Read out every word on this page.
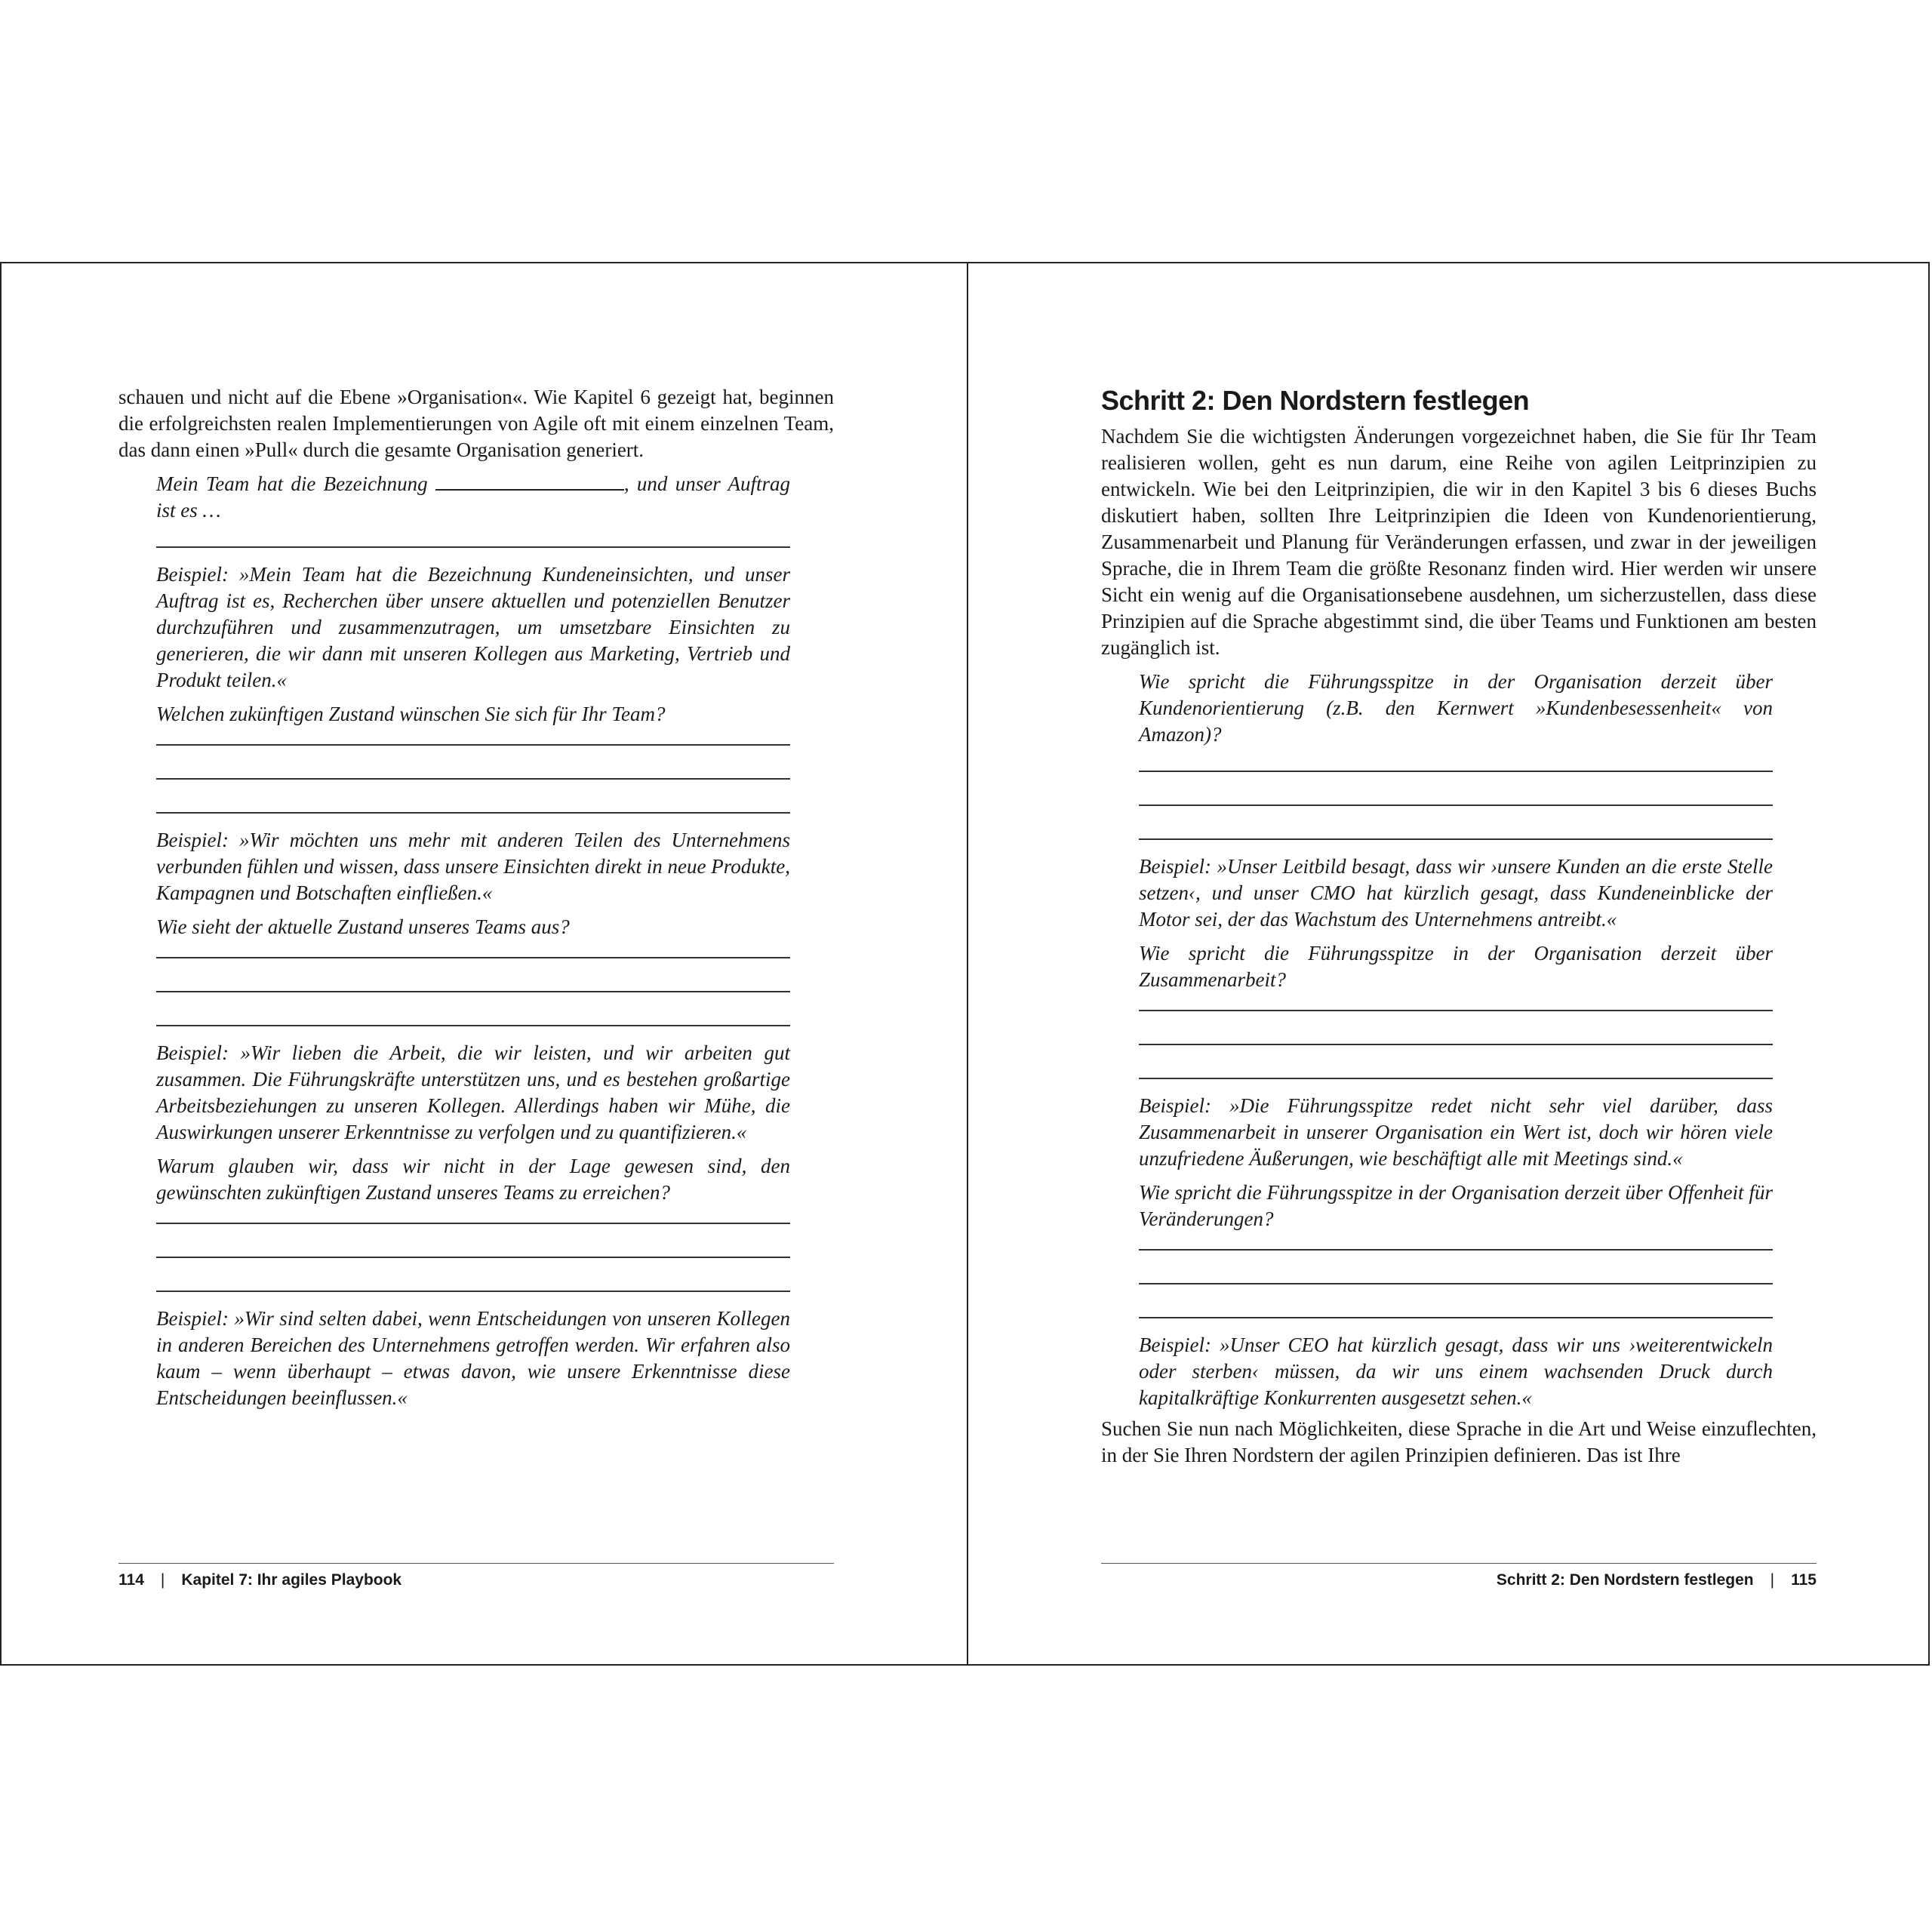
schauen und nicht auf die Ebene »Organisation«. Wie Kapitel 6 gezeigt hat, beginnen die erfolgreichsten realen Implementierungen von Agile oft mit einem einzelnen Team, das dann einen »Pull« durch die gesamte Organisation generiert.

Mein Team hat die Bezeichnung	, und unser Auftrag ist es …

Beispiel: »Mein Team hat die Bezeichnung Kundeneinsichten, und unser Auftrag ist es, Recherchen über unsere aktuellen und potenziellen Benutzer durchzuführen und zusammenzutragen, um umsetzbare Einsichten zu generieren, die wir dann mit unseren Kollegen aus Marketing, Vertrieb und Produkt teilen.«

Welchen zukünftigen Zustand wünschen Sie sich für Ihr Team?

Beispiel: »Wir möchten uns mehr mit anderen Teilen des Unternehmens verbunden fühlen und wissen, dass unsere Einsichten direkt in neue Produkte, Kampagnen und Botschaften einfließen.«

Wie sieht der aktuelle Zustand unseres Teams aus?

Beispiel: »Wir lieben die Arbeit, die wir leisten, und wir arbeiten gut zusammen. Die Führungskräfte unterstützen uns, und es bestehen großartige Arbeitsbeziehungen zu unseren Kollegen. Allerdings haben wir Mühe, die Auswirkungen unserer Erkenntnisse zu verfolgen und zu quantifizieren.«

Warum glauben wir, dass wir nicht in der Lage gewesen sind, den gewünschten zukünftigen Zustand unseres Teams zu erreichen?

Beispiel: »Wir sind selten dabei, wenn Entscheidungen von unseren Kollegen in anderen Bereichen des Unternehmens getroffen werden. Wir erfahren also kaum – wenn überhaupt – etwas davon, wie unsere Erkenntnisse diese Entscheidungen beeinflussen.«

114 | Kapitel 7: Ihr agiles Playbook
Schritt 2: Den Nordstern festlegen

Nachdem Sie die wichtigsten Änderungen vorgezeichnet haben, die Sie für Ihr Team realisieren wollen, geht es nun darum, eine Reihe von agilen Leitprinzipien zu entwickeln. Wie bei den Leitprinzipien, die wir in den Kapitel 3 bis 6 dieses Buchs diskutiert haben, sollten Ihre Leitprinzipien die Ideen von Kundenorientierung, Zusammenarbeit und Planung für Veränderungen erfassen, und zwar in der jeweiligen Sprache, die in Ihrem Team die größte Resonanz finden wird. Hier werden wir unsere Sicht ein wenig auf die Organisationsebene ausdehnen, um sicherzustellen, dass diese Prinzipien auf die Sprache abgestimmt sind, die über Teams und Funktionen am besten zugänglich ist.

Wie spricht die Führungsspitze in der Organisation derzeit über Kundenorientierung (z.B. den Kernwert »Kundenbesessenheit« von Amazon)?

Beispiel: »Unser Leitbild besagt, dass wir ›unsere Kunden an die erste Stelle setzen‹, und unser CMO hat kürzlich gesagt, dass Kundeneinblicke der Motor sei, der das Wachstum des Unternehmens antreibt.«

Wie spricht die Führungsspitze in der Organisation derzeit über Zusammenarbeit?

Beispiel: »Die Führungsspitze redet nicht sehr viel darüber, dass Zusammenarbeit in unserer Organisation ein Wert ist, doch wir hören viele unzufriedene Äußerungen, wie beschäftigt alle mit Meetings sind.«

Wie spricht die Führungsspitze in der Organisation derzeit über Offenheit für Veränderungen?

Beispiel: »Unser CEO hat kürzlich gesagt, dass wir uns ›weiterentwickeln oder sterben‹ müssen, da wir uns einem wachsenden Druck durch kapitalkräftige Konkurrenten ausgesetzt sehen.«

Suchen Sie nun nach Möglichkeiten, diese Sprache in die Art und Weise einzuflechten, in der Sie Ihren Nordstern der agilen Prinzipien definieren. Das ist Ihre

Schritt 2: Den Nordstern festlegen | 115
